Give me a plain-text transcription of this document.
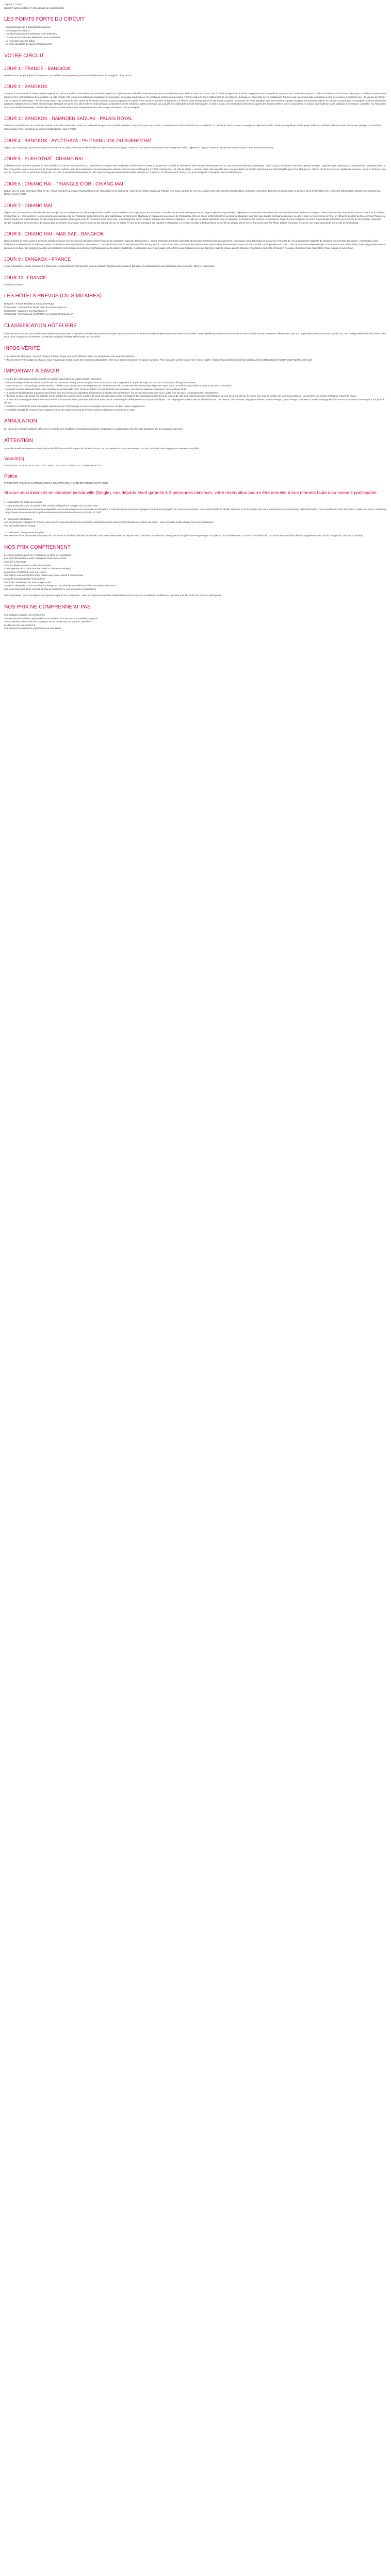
10 jours / 7 nuits

Circuit 7 nuits en hôtels 4*, Mini groupe de 8 participants.

LES POINTS FORTS DU CIRCUIT
- Un petit groupe de 8 participants maximum
- Des étapes en hôtels 4*
- Les sites historiques d'Ayutthaya et de Sukhothaï
- La visite de la ferme aux éléphants et aux orchidées
- La rencontre avec les tribus
- Le dîner-spectacle de danses traditionnelles
VOTRE CIRCUIT
JOUR 1 : FRANCE - BANGKOK

Rendez-vous des participants à l'aéroport. Formalités d'embarquement puis envol à destination de Bangkok. Dîner et nuit.

JOUR 2 : BANGKOK

Services à bord. Arrivée à l'aéroport de Bangkok, accueil et transfert à votre hôtel pour installation (selon la réglementation hôtelière internationale, votre chambre sera disponible à partir de 14h00). Nuit à l'hôtel. Bangkok est à la fois une province et la capitale du royaume de Thaïlande comptant 7 millions d'habitants intra-muros, alors que 14 millions de personnes habitent l'aire métropolitaine de la capitale. La ville compte 400 temples bouddhiques somptueux et fascinants, des palais magnifiques, de nombreux centres commerciaux n'ont les visiteurs par le raffinement de ses danses classiques et son mode de vie traditionnel. Rien ne vaut une promenade en bateau le long des canaux temporaires de « la Venise de l'Orient » et du fleuve Chao Phraya, « le Fleuve des Rois » qui traverse la ville, avant de se rendre dans les canaux adjacents et d'admirer les anciens quartiers de Bangkok. Le Fleuve Chao Phraya divise la ville en deux parties : d'une part, le vieux Bangkok avec ses temples et palais d'origine, les quartiers indiens et chinois et d'autre part, le Bangkok moderne abritant les quartiers d'affaires et les centres commerciaux. Bangkok est ainsi une ville moderne et dynamique, surplombée par de nombreux gratte-ciels mais qui a gardé une indéniable identité thaïlandaise : la ville a connu une formidable croissance à partir des années 1960 et exerce aujourd'hui un impact significatif sur la vie politique, économique, culturelle, sur l'éducation et sur les médias thaïlandais. Peu de villes dans le monde enflamment l'imagination avec des images exotiques comme Bangkok.

JOUR 3 : BANGKOK - DAMNOEN SADUAK - PALAIS ROYAL

Visite du marché flottant de Damnoen Saduak, vous découvrirez les canaux au milieu de barques aux activités multiples. Temps libre pour les achats. Continuation sur Nakhon Pathom et son chédi (127 mètres de haut). Retour à Bangkok et déjeuner en ville. Visite du magnifique Palais Royal, édifice bouddhiste abritant le Wat Phra Kaew (Temple du Bouddha d'émeraude). Dîner-spectacle de danses thaïlandaises. Nuit à l'hôtel.

JOUR 4 : BANGKOK - AYUTTHAYA - PHITSANULOK OU SUKHOTHAÏ

Départ pour Ayutthaya, ancienne capitale du Royaume du Siam. Visite de la ville fondée en 1350, le Wat Yai Sunphet, fondé au XIVe siècle situé le plus beau temple de la ville. Déjeuner à Lopburi. Visite du Temple de San Phra Kan. Dîner et nuit Phitsanulok.

JOUR 5 : SUKHOTHAÏ - CHIANG RAI

Sukhothaï est la première capitale du Siam fondée en 1238 et marquant l'ère au règne khmer d'Angkor Wat. Sukhothaï a été inscrite en 1991 au patrimoine mondial de l'humanité. Elle est plus célèbre pour son art que pour ses réalisations politiques. Visite du parc historique et de ses superbes temples. Déjeuner puis départ pour Chiang Rai via Lampang Visite du Wat Rong Khun, connu sous le nom de Temple Blanc. Arrêt et visite d'une plantation d'ananas (selon la saison). Dîner et nuit à Chiang Rai à l'hôtel. Chiang Rai, « la Ville des Rois », est une petite ville agréable avec une population de 65 000 personnes. La cité fut fondée par le Roi Mengrai en 1262 et devint la première capitale du royaume Lanna en 1262 et reste encore un petit crédit au profil de Chiang Mai. En 1432, le Bouddha d'Émeraude, le plus important représentation de Bouddha vénérée en Thaïlande, fut découverte à Chiang Rai, puis transporté à Bangkok dans le Palais Royal.

JOUR 6 : CHIANG RAI - TRIANGLE D'OR - CHIANG MAI

Départ pour la visite des tribus Akha et Yao : tribus primitives qui vivent essentiellement de l'agriculture et de l'artisanat. Visite de la célèbre région du Triangle d'Or mieux langue de terre aux confins des trois frontières thaïlandaise, laotienne et birmane. Déjeuner et promenade en pirogue sur la rivière Mae Kok : visite des tribus Karen. Départ pour Chiang Mai. Dîner et nuit à l'hôtel.

JOUR 7 : CHIANG MAI

Départ pour l'ascension et visite du très beau temple de Doi Suthep, sur la colline surplombant la ville. Vous accéderez à la pagode par 306 marches. L'escalier est encadré de serpents et de dragons géants en porcelaine. Déjeuner et continuation des visites des centres d'artisanats de bois et d'argent. Dîner Kantoke avec danses des tribus du Nord. Nuit à l'hôtel. Chiang Mai, la « rose du Nord » est la seconde plus grande ville de Thaïlande, culturellement la plus significative du Nord de la Thaïlande et capitale de la province de Chiang Mai. Elle est située à 800 kilomètres au Nord de Bangkok, parmi les plus hautes montagnes du pays. La ville a situé sur les rives de la Ping, un affluent important du fleuve Chao Phraya. La cité fut fondée par le Roi Mengrai de son importante situation stratégique près de l'ancienne route de la soie, et sa longtemps essort trafique moderne des visiteurs étrangers. La ville est un centre important pour un artisanat, les tentures, les poteries, les parfumier l'argent et les sculptures sur bois. Sa principale attraction est le temple du Doi Suthep : principal temple bouddhiste de la province de Chiang Mai. Le temple est désigné sous le nom de Doi Suthep qui est en réalité le nom de la montagne sur laquelle il est localisé. Le temple est situé à 15 kilomètres de la ville de Chiang Mai et est un site sacré pour les Thaïs. Depuis le temple, il y a une vue impressionnante sur la ville de Chiang Mai.

JOUR 8 : CHIANG MAI - MAE SAE - BANGKOK

Deux activités au choix avant le déjeuner. Départ commun vers le Nord sur de belles routes bordées de végétation tropicale. Découverte 1 : Camp d'entraînement des éléphants et spectacle du travail des pachydermes, votre guide vous dépeindra de découvrir à l'univers de ces mastodontes capables de dessiner et de peindre (en option : promenade à dos d'éléphant et descente de la rivière en radeau de bambou avec supplément). Découverte 2 : Temple de Wat Banm Den (Wat Dernière Muang Koon).Construit en 1894, ce temple est situé sur une petite colline plantée de nombreux arbres « Sakes » d'où provient son nom. C'est un très beau temple de style Thaï et Lanna avec des chédis dorés, de grandes statues de moines en bois, des serpents géants, ses sculptures représentent des animaux mythologiques de la culture bouddhiste. Continuation avec votre guide vers la ferme aux Orchidées où vous attend la route de groupe pour le déjeuner. Fin d'après-midi libre et transfert à la gare. Départ en train couchettes. Panier-repas et nuit à bord.

JOUR 9 : BANGKOK - FRANCE

Arrivé à Bangkok le matin et transfert à l'hôtel pour le petit déjeuner. Temps libre jusqu'au départ. Transfert à l'aéroport de Bangkok et embarquement pour décollage pour la France. Dîner et nuit à bord.

JOUR 10 : FRANCE

Arrivée en France.

LES HÔTELS PRÉVUS (OU SIMILAIRES)
Bangkok : Theatre Residence ou Siam Heritage
Phitsanulok : Pasion Plaza Royal Park ou Amarin Lagoon 4*
Chiang Rai : Wiang Inn ou Khamthana 4*
Chiang Mai : The Empress ou Winktree ou Furama Chiang Mai 4*
CLASSIFICATION HÔTELIÈRE

Il instruite pas à ce jour de classification hôtelière internationale. Le système d'étoiles est purement français. Nous avons donc évalué de manière indépendante notre sélection d'hôtels. Notre classification issue forme d'étoiles est donc basée sur les prestations offertes ainsi que sur l'appréciation de notre service qualité. En cas d'indisponibilité dans les hôtels cités nous nous chargerons de réserver un hôtel de catégorie similaire sélectionné par nos soins.

INFOS VÉRITÉ
* Les visites du 3ème jour : Marché Flottant et Palais Royal pourront s'effectuer selon les programme suivi avant respectées.
* Afin de préserver le budget de chacun, nous n'avons pas inclus toutes les excursions disponibles, elles vous seront proposées en option sur place. Pour consulter la liste cliquez sur le lien ci-après : https://www.clintotalumonde.biz /pdf/Excursion%20facultatives%2019%20de%2020112017.pdf
IMPORTANT À SAVOIR
* L'ordre des visites pourrait être inversé ou modifié mais toutes les visites seront respectées.
* En cas d'indisponibilité de places dans le train de nuit entre Chiang Mai et Bangkok, nous assurerons, sans supplément de prix, le trajet par bus VIP confort avec vidange couchettes.
* Dans le cas d'un retour pilage, à votre arrivée, l'hôtelier vous demandera une empreinte de carte bancaire afin de sécuriser les éventuelles dépenses extra. Vous ne subirez aucun débit si vous n'avez rien consommé.
* Selon les normes internationales, votre chambre sera disponible entre 12h30 et 14h00. En cas d'arrivée plus matinale, vous devrez patienter ainsi qu'en cas de départ tardif.
* Le dossiers Thaïlandaises trouveront seulement qu'a leur lecture de cigarettes par personne à l'entrée de leur territoire. En déclaré plus risque de vous couter cher. De plus, les douanes les requalifieront.
* Attention, la durée du séjour est calculée sur le nombre de nuits et non le nombre de jours qui peut varier selon les horaires des compagnies aériennes de jour ou de nuit. Les vols retour peuvent s'effectuer de jour avec une arrivée le même jour mais le nombre de nuits sera respecté. La dernière nuit pourra s'effectuer à bord de l'avion.
* Le nom de la compagnie aérienne et les horaires sont donnés à titre purement indicatif et vous seront communiqués définitivement 8 à 8 jours du départ. Les compagnies opérant vers la Thaïlande sont : Air France, Thaï Airways, Singapore Airlines, Etihad Airways, Qatar Airways, Emirates ou autres compagnies dont le nom vous sera communiqué 8 à 8 jours du départ.
* Départ sur vol direct de Paris à Bangkok seulement avec Thaï Airways ou autre compagnie assurant un vol direct (avec supplément).
* Possibilité départs de Province avec supplément. Le pré-acheminement de Province pourra s'effectuer en avion ou en train.
ANNULATION

En raison des voltiges tarifaires utilisé sur ce produit, des conditions d'annulation spéciales s'appliquent, en adéquation avec les frais appliqués par la compagnie aérienne.

ATTENTION

Nous déconseillons vivement toute location de véhicule motorisé auprès des loueurs locaux car ces derniers ne sont pas assurés. En cas d'accident nous dégageons toute responsabilité.

Vaccin(s)

VISA POUR UN SEJOUR < A 30 J. VACCINS ET AUTRES CONSULTEZ VOTRE MEDECIN

Police

PASSEPORT VALABLE AU MOINS 6 MOIS A COMPTER DE LA DATE DE RETOUR EN FRANCE

Si vous vous inscrivez en chambre individuelle (Single), nos départs étant garantis à 2 personnes minimum, votre réservation pourra être annulée à tout moment faute d'au moins 2 participants.

1 - Autorisation de sortie du territoire

- L'autorisation de sortie du territoire des mineurs obligatoire à compter du 15 janvier 2017

- Suite à des situations qui nous ont été signalées, lire ce téléchargement ou actualise le formulaire. Il a été demandé au mineur voyageant seul ou accompagné d'un seul de ses parents, une copie du livret de famille. Même si ce lui le présent pas, nous vous devons de vous donner cette information. Pour accéder à la fiche descriptive, cliquer sur le lien ci-dessous : https://www.clintotalumonde.biz/pdf/Autorisation-sortie-territoire-mineurs-VOEF-151017.pdf

2 - Excursions facultatives

Afin de préserver le budget de chacun, nous n'avons pas inclus toutes les excursions disponibles, elles vous seront proposées en option sur place... pour consulter la liste cliquez sur le lien ci-dessous :

Voir ees l'affichette du Produit

3 - Train entre Chiang Mai et Bangkok

Des services de fer thaïlandais manquent de couchettes à certaines périodes de l'année. Dans cette éventualité, le trajet en train couchette de nuit entre Chiang Mai et Bangkok sera remplacé par un trajet en bus climatisé avec un arrêt à mi-chemin afin de dormir dans un hôtel (dîner et supplément sera pris en charge par Clintours du Monde).

NOS PRIX COMPRENNENT
Le circuit garanti à partir de 2 personnes et limité à 8 passagers
Les vols internationaux Paris / Bangkok / Paris avec escale
L'accueil à l'aéroport
Tous les déplacements en véhicule climatisé
L'hébergement de 6 nuits dans les hôtels 4* cités (ou similaires)
La pension complète du jour 3 au jour 8
Une nuit en train couchettes 2ème classe avec panier-repas à bord du train
Le guide accompagnateur francophone
Les droits d'entrée sur les sites et spectacles
La mise à disposition d'une chambre à partager en cas d'inscription tarifé le jour de votre départ en France
Les taxes d'aéroport et de sécurité et frais de dossier (à ce jour et sujets à modification)

Note importante : tous nos départs sont garantis à partir de 2 personnes , votre inscription en chambre individuelle est donc soumise à certaines conditions et peut être annulée faute d'au moins 2 participants.

NOS PRIX NE COMPRENNENT PAS
Les boissons et repas non mentionnés
Les excursions et visites optionnelles et facultatives qui vous seront proposées sur place
Les pourboires (à titre indicatif 5 € par jour et par personne pour guide et chauffeur)
Le déjeuner du jour numéro 9
Les assurances assistance rapatriement et annulation
